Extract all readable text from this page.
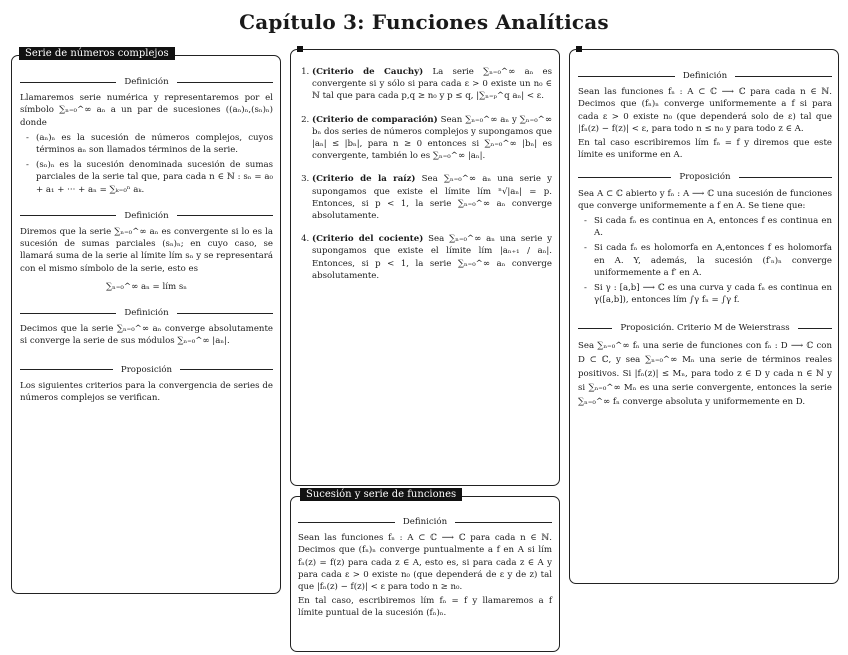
Capítulo 3: Funciones Analíticas
Serie de números complejos
Definición

Llamaremos serie numérica y representaremos por el símbolo ∑ₙ₌₀^∞ aₙ a un par de sucesiones ((aₙ)ₙ,(sₙ)ₙ) donde

- (aₙ)ₙ es la sucesión de números complejos, cuyos términos aₙ son llamados términos de la serie.
- (sₙ)ₙ es la sucesión denominada sucesión de sumas parciales de la serie tal que, para cada n ∈ ℕ : sₙ = a₀ + a₁ + ··· + aₙ = ∑ₖ₌₀ⁿ aₖ.
Definición

Diremos que la serie ∑ₙ₌₀^∞ aₙ es convergente si lo es la sucesión de sumas parciales (sₙ)ₙ; en cuyo caso, se llamará suma de la serie al límite lím sₙ y se representará con el mismo símbolo de la serie, esto es

∑ₙ₌₀^∞ aₙ = lím sₙ
Definición

Decimos que la serie ∑ₙ₌₀^∞ aₙ converge absolutamente si converge la serie de sus módulos ∑ₙ₌₀^∞ |aₙ|.

Proposición

Los siguientes criterios para la convergencia de series de números complejos se verifican.

1. (Criterio de Cauchy) La serie ∑ₙ₌₀^∞ aₙ es convergente si y sólo si para cada ε > 0 existe un n₀ ∈ ℕ tal que para cada p,q ≥ n₀ y p ≤ q, |∑ₙ₌ₚ^q aₙ| < ε.
2. (Criterio de comparación) Sean ∑ₙ₌₀^∞ aₙ y ∑ₙ₌₀^∞ bₙ dos series de números complejos y supongamos que |aₙ| ≤ |bₙ|, para n ≥ 0 entonces si ∑ₙ₌₀^∞ |bₙ| es convergente, también lo es ∑ₙ₌₀^∞ |aₙ|.
3. (Criterio de la raíz) Sea ∑ₙ₌₀^∞ aₙ una serie y supongamos que existe el límite lím ⁿ√|aₙ| = p. Entonces, si p < 1, la serie ∑ₙ₌₀^∞ aₙ converge absolutamente.
4. (Criterio del cociente) Sea ∑ₙ₌₀^∞ aₙ una serie y supongamos que existe el límite lím |aₙ₊₁ / aₙ|. Entonces, si p < 1, la serie ∑ₙ₌₀^∞ aₙ converge absolutamente.
Sucesión y serie de funciones
Definición

Sean las funciones fₙ : A ⊂ ℂ ⟶ ℂ para cada n ∈ ℕ. Decimos que (fₙ)ₙ converge puntualmente a f en A si lím fₙ(z) = f(z) para cada z ∈ A, esto es, si para cada z ∈ A y para cada ε > 0 existe n₀ (que dependerá de ε y de z) tal que |fₙ(z) − f(z)| < ε para todo n ≥ n₀.

En tal caso, escribiremos lím fₙ = f y llamaremos a f límite puntual de la sucesión (fₙ)ₙ.

Definición

Sean las funciones fₙ : A ⊂ ℂ ⟶ ℂ para cada n ∈ ℕ. Decimos que (fₙ)ₙ converge uniformemente a f si para cada ε > 0 existe n₀ (que dependerá solo de ε) tal que |fₙ(z) − f(z)| < ε, para todo n ≤ n₀ y para todo z ∈ A.

En tal caso escribiremos lím fₙ = f y diremos que este límite es uniforme en A.

Proposición

Sea A ⊂ ℂ abierto y fₙ : A ⟶ ℂ una sucesión de funciones que converge uniformemente a f en A. Se tiene que:

- Si cada fₙ es continua en A, entonces f es continua en A.
- Si cada fₙ es holomorfa en A,entonces f es holomorfa en A. Y, además, la sucesión (f′ₙ)ₙ converge uniformemente a f′ en A.
- Si γ : [a,b] ⟶ ℂ es una curva y cada fₙ es continua en γ([a,b]), entonces lím ∫γ fₙ = ∫γ f.
Proposición. Criterio M de Weierstrass

Sea ∑ₙ₌₀^∞ fₙ una serie de funciones con fₙ : D ⟶ ℂ con D ⊂ ℂ, y sea ∑ₙ₌₀^∞ Mₙ una serie de términos reales positivos. Si |fₙ(z)| ≤ Mₙ, para todo z ∈ D y cada n ∈ ℕ y si ∑ₙ₌₀^∞ Mₙ es una serie convergente, entonces la serie ∑ₙ₌₀^∞ fₙ converge absoluta y uniformemente en D.
